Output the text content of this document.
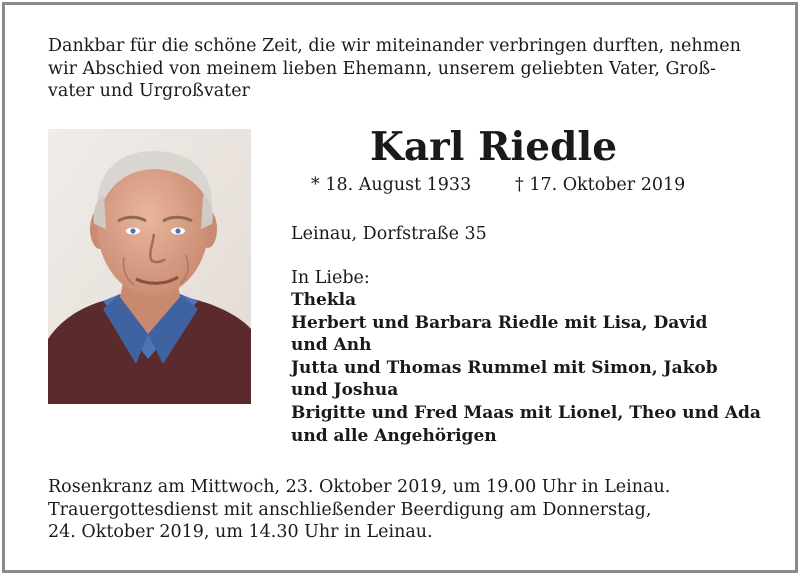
Dankbar für die schöne Zeit, die wir miteinander verbringen durften, nehmen
wir Abschied von meinem lieben Ehemann, unserem geliebten Vater, Groß-
vater und Urgroßvater

Karl Riedle
* 18. August 1933	† 17. Oktober 2019
Leinau, Dorfstraße 35
In Liebe:
Thekla
Herbert und Barbara Riedle mit Lisa, David
und Anh
Jutta und Thomas Rummel mit Simon, Jakob
und Joshua
Brigitte und Fred Maas mit Lionel, Theo und Ada
und alle Angehörigen

Rosenkranz am Mittwoch, 23. Oktober 2019, um 19.00 Uhr in Leinau.
Trauergottesdienst mit anschließender Beerdigung am Donnerstag,
24. Oktober 2019, um 14.30 Uhr in Leinau.
